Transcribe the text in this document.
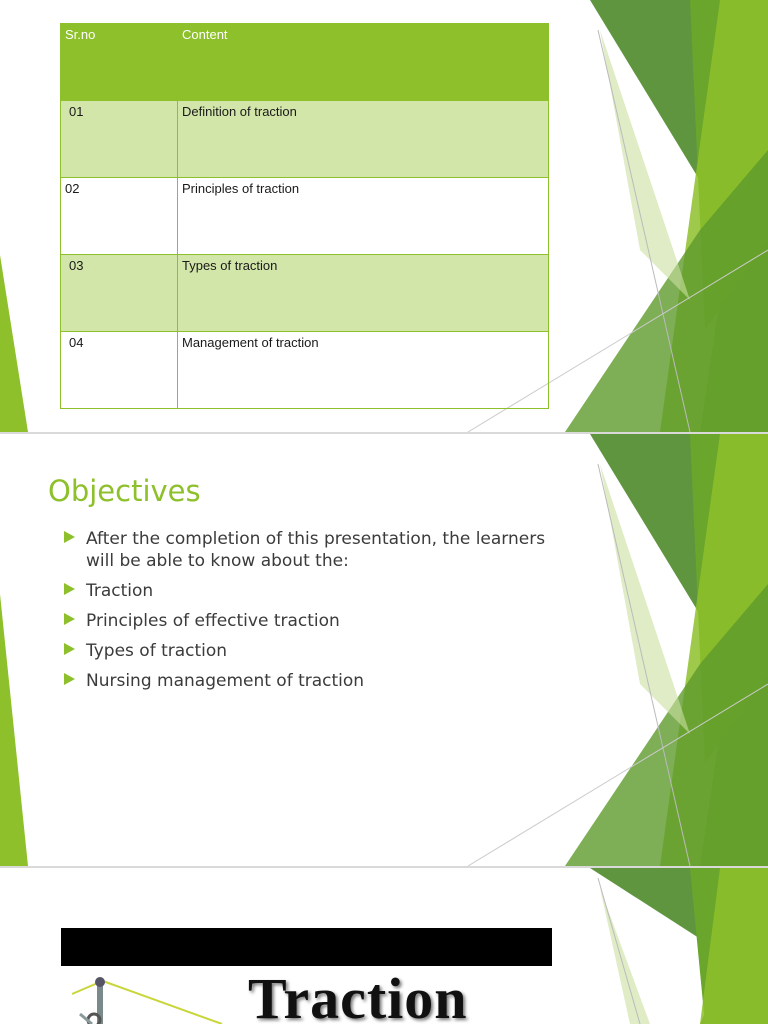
Sr.no	Content
01	Definition of traction
02	Principles of traction
03	Types of traction
04	Management of traction
Objectives
After the completion of this presentation, the learners will be able to know about the:
Traction
Principles of effective traction
Types of traction
Nursing management of traction
Traction
